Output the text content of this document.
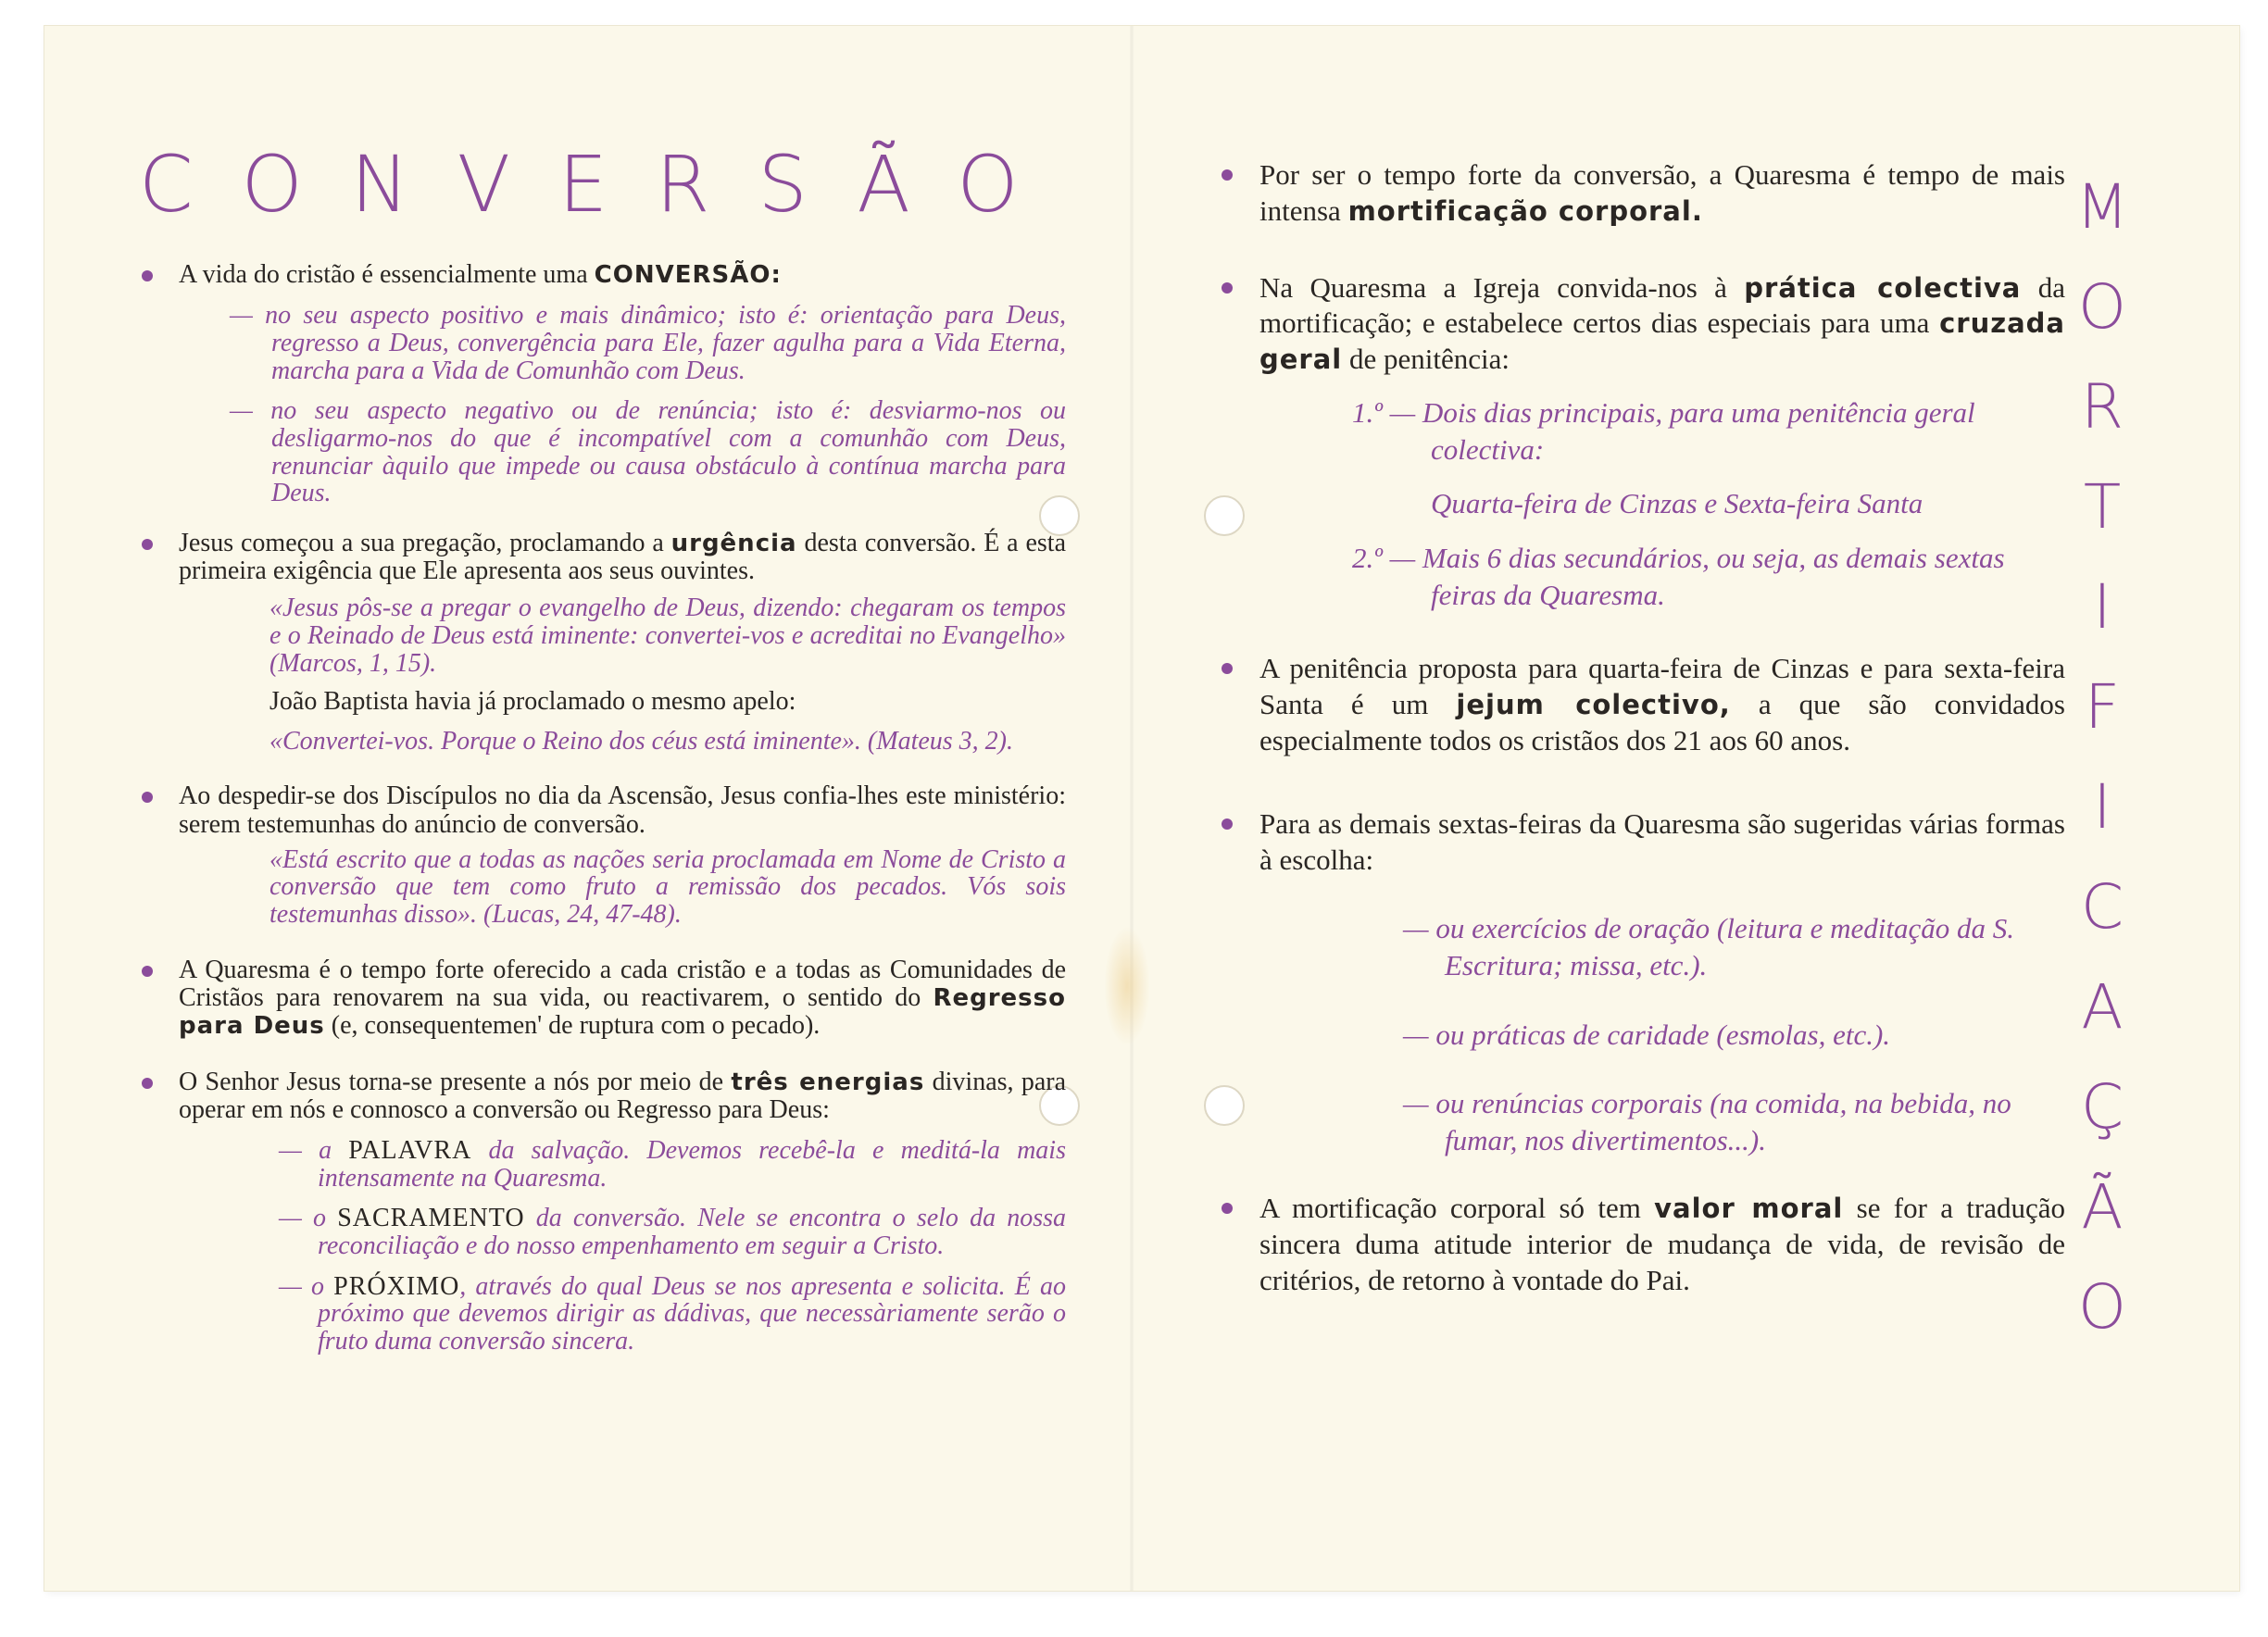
CONVERSÃO
A vida do cristão é essencialmente uma CONVERSÃO:
— no seu aspecto positivo e mais dinâmico; isto é: orientação para Deus, regresso a Deus, convergência para Ele, fazer agulha para a Vida Eterna, marcha para a Vida de Comunhão com Deus.
— no seu aspecto negativo ou de renúncia; isto é: desviarmo-nos ou desligarmo-nos do que é incompatível com a comunhão com Deus, renunciar àquilo que impede ou causa obstáculo à contínua marcha para Deus.
Jesus começou a sua pregação, proclamando a urgência desta conversão. É a esta primeira exigência que Ele apresenta aos seus ouvintes.
«Jesus pôs-se a pregar o evangelho de Deus, dizendo: chegaram os tempos e o Reinado de Deus está iminente: convertei-vos e acreditai no Evangelho» (Marcos, 1, 15).
João Baptista havia já proclamado o mesmo apelo:
«Convertei-vos. Porque o Reino dos céus está iminente». (Mateus 3, 2).
Ao despedir-se dos Discípulos no dia da Ascensão, Jesus confia-lhes este ministério: serem testemunhas do anúncio de conversão.
«Está escrito que a todas as nações seria proclamada em Nome de Cristo a conversão que tem como fruto a remissão dos pecados. Vós sois testemunhas disso». (Lucas, 24, 47-48).
A Quaresma é o tempo forte oferecido a cada cristão e a todas as Comunidades de Cristãos para renovarem na sua vida, ou reactivarem, o sentido do Regresso para Deus (e, consequentemen' de ruptura com o pecado).
O Senhor Jesus torna-se presente a nós por meio de três energias divinas, para operar em nós e connosco a conversão ou Regresso para Deus:
— a PALAVRA da salvação. Devemos recebê-la e meditá-la mais intensamente na Quaresma.
— o SACRAMENTO da conversão. Nele se encontra o selo da nossa reconciliação e do nosso empenhamento em seguir a Cristo.
— o PRÓXIMO, através do qual Deus se nos apresenta e solicita. É ao próximo que devemos dirigir as dádivas, que necessàriamente serão o fruto duma conversão sincera.
Por ser o tempo forte da conversão, a Quaresma é tempo de mais intensa mortificação corporal.
Na Quaresma a Igreja convida-nos à prática colectiva da mortificação; e estabelece certos dias especiais para uma cruzada geral de penitência:
1.º — Dois dias principais, para uma penitência geral colectiva:
Quarta-feira de Cinzas e Sexta-feira Santa
2.º — Mais 6 dias secundários, ou seja, as demais sextas feiras da Quaresma.
A penitência proposta para quarta-feira de Cinzas e para sexta-feira Santa é um jejum colectivo, a que são convidados especialmente todos os cristãos dos 21 aos 60 anos.
Para as demais sextas-feiras da Quaresma são sugeridas várias formas à escolha:
— ou exercícios de oração (leitura e meditação da S. Escritura; missa, etc.).
— ou práticas de caridade (esmolas, etc.).
— ou renúncias corporais (na comida, na bebida, no fumar, nos divertimentos...).
A mortificação corporal só tem valor moral se for a tradução sincera duma atitude interior de mudança de vida, de revisão de critérios, de retorno à vontade do Pai.
M
O
R
T
I
F
I
C
A
Ç
Ã
O
